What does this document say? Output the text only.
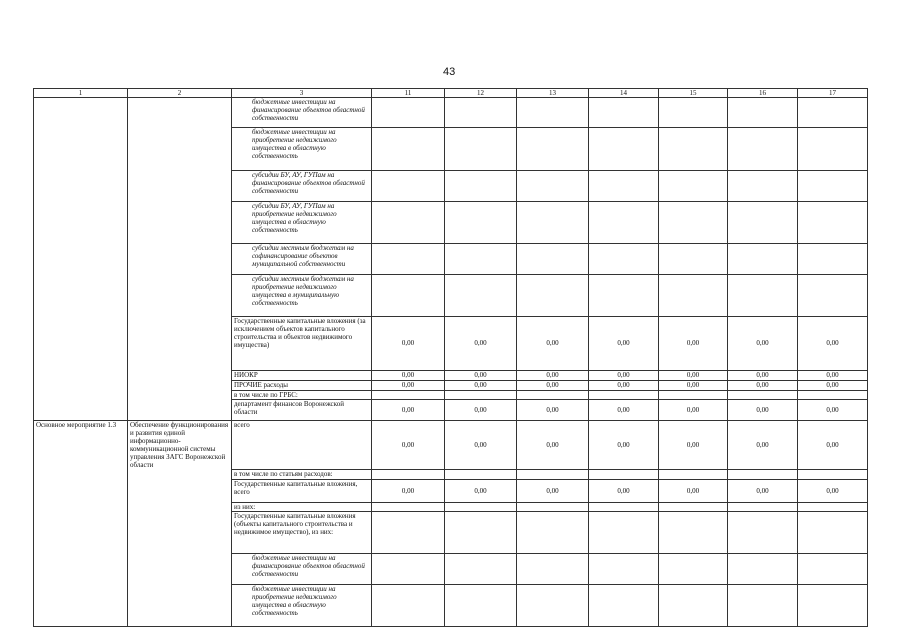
43
1	2	3	11	12	13	14	15	16	17
		бюджетные инвестиции на финансирование объектов областной собственности							
		бюджетные инвестиции на приобретение недвижимого имущества в областную собственность							
		субсидии БУ, АУ, ГУПам на финансирование объектов областной собственности							
		субсидии БУ, АУ, ГУПам на приобретение недвижимого имущества в областную собственность							
		субсидии местным бюджетам на софинансирование объектов муниципальной собственности							
		субсидии местным бюджетам на приобретение недвижимого имущества в муниципальную собственность							
		Государственные капитальные вложения (за исключением объектов капитального строительства и объектов недвижимого имущества)	0,00	0,00	0,00	0,00	0,00	0,00	0,00
		НИОКР	0,00	0,00	0,00	0,00	0,00	0,00	0,00
		ПРОЧИЕ расходы	0,00	0,00	0,00	0,00	0,00	0,00	0,00
		в том числе по ГРБС:							
		департамент финансов Воронежской области	0,00	0,00	0,00	0,00	0,00	0,00	0,00
Основное мероприятие 1.3	Обеспечение функционирования и развития единой информационно-коммуникационной системы управления ЗАГС Воронежской области	всего	0,00	0,00	0,00	0,00	0,00	0,00	0,00
		в том числе по статьям расходов:							
		Государственные капитальные вложения, всего	0,00	0,00	0,00	0,00	0,00	0,00	0,00
		из них:							
		Государственные капитальные вложения (объекты капитального строительства и недвижимое имущество), из них:							
		бюджетные инвестиции на финансирование объектов областной собственности							
		бюджетные инвестиции на приобретение недвижимого имущества в областную собственность							
